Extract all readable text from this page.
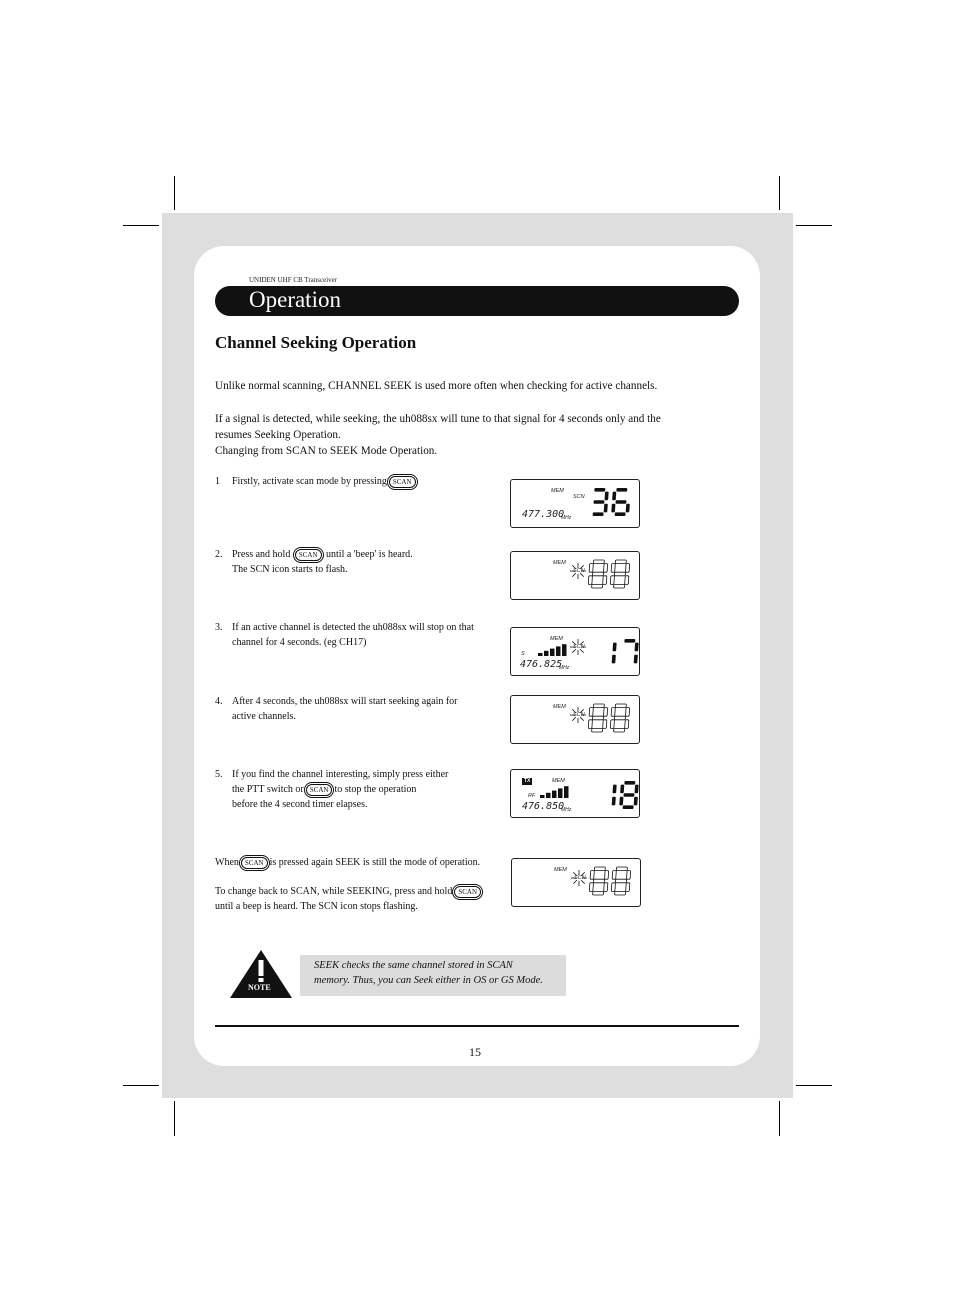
UNIDEN UHF CB Transceiver
Operation
Channel Seeking Operation
Unlike normal scanning, CHANNEL SEEK is used more often when checking for active channels.
If a signal is detected, while seeking, the uh088sx will tune to that signal for 4 seconds only and the
resumes Seeking Operation.
Changing from SCAN to SEEK Mode Operation.
1 Firstly, activate scan mode by pressing SCAN
2. Press and hold SCAN until a 'beep' is heard.
The SCN icon starts to flash.
3. If an active channel is detected the uh088sx will stop on that
channel for 4 seconds. (eg CH17)
4. After 4 seconds, the uh088sx will start seeking again for
active channels.
5. If you find the channel interesting, simply press either
the PTT switch or SCAN to stop the operation
before the 4 second timer elapses.
When SCAN is pressed again SEEK is still the mode of operation.
To change back to SCAN, while SEEKING, press and hold SCAN
until a beep is heard. The SCN icon stops flashing.
MEM
SCN
477.300
MHz
MEM
SCN
MEM
SCN
S
476.825
MHz
MEM
SCN
TX	MEM
RF
476.850
MHz
MEM
SCN
NOTE
SEEK checks the same channel stored in SCAN
memory. Thus, you can Seek either in OS or GS Mode.
15
